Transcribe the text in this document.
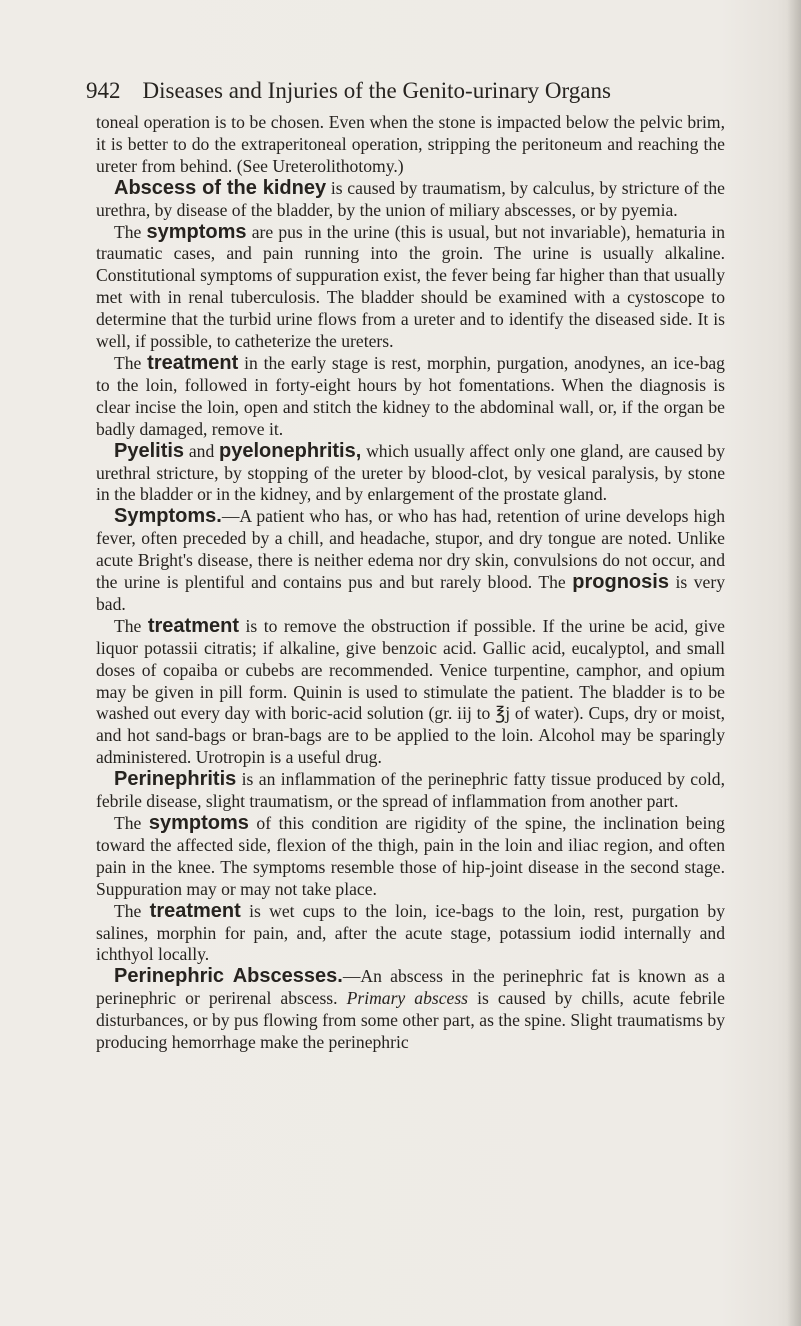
942 Diseases and Injuries of the Genito-urinary Organs

toneal operation is to be chosen. Even when the stone is impacted below the pelvic brim, it is better to do the extraperitoneal operation, stripping the peritoneum and reaching the ureter from behind. (See Ureterolithotomy.)

Abscess of the kidney is caused by traumatism, by calculus, by stricture of the urethra, by disease of the bladder, by the union of miliary abscesses, or by pyemia.

The symptoms are pus in the urine (this is usual, but not invariable), hematuria in traumatic cases, and pain running into the groin. The urine is usually alkaline. Constitutional symptoms of suppuration exist, the fever being far higher than that usually met with in renal tuberculosis. The bladder should be examined with a cystoscope to determine that the turbid urine flows from a ureter and to identify the diseased side. It is well, if possible, to catheterize the ureters.

The treatment in the early stage is rest, morphin, purgation, anodynes, an ice-bag to the loin, followed in forty-eight hours by hot fomentations. When the diagnosis is clear incise the loin, open and stitch the kidney to the abdominal wall, or, if the organ be badly damaged, remove it.

Pyelitis and pyelonephritis, which usually affect only one gland, are caused by urethral stricture, by stopping of the ureter by blood-clot, by vesical paralysis, by stone in the bladder or in the kidney, and by enlargement of the prostate gland.

Symptoms.—A patient who has, or who has had, retention of urine develops high fever, often preceded by a chill, and headache, stupor, and dry tongue are noted. Unlike acute Bright's disease, there is neither edema nor dry skin, convulsions do not occur, and the urine is plentiful and contains pus and but rarely blood. The prognosis is very bad.

The treatment is to remove the obstruction if possible. If the urine be acid, give liquor potassii citratis; if alkaline, give benzoic acid. Gallic acid, eucalyptol, and small doses of copaiba or cubebs are recommended. Venice turpentine, camphor, and opium may be given in pill form. Quinin is used to stimulate the patient. The bladder is to be washed out every day with boric-acid solution (gr. iij to ℥j of water). Cups, dry or moist, and hot sand-bags or bran-bags are to be applied to the loin. Alcohol may be sparingly administered. Urotropin is a useful drug.

Perinephritis is an inflammation of the perinephric fatty tissue produced by cold, febrile disease, slight traumatism, or the spread of inflammation from another part.

The symptoms of this condition are rigidity of the spine, the inclination being toward the affected side, flexion of the thigh, pain in the loin and iliac region, and often pain in the knee. The symptoms resemble those of hip-joint disease in the second stage. Suppuration may or may not take place.

The treatment is wet cups to the loin, ice-bags to the loin, rest, purgation by salines, morphin for pain, and, after the acute stage, potassium iodid internally and ichthyol locally.

Perinephric Abscesses.—An abscess in the perinephric fat is known as a perinephric or perirenal abscess. Primary abscess is caused by chills, acute febrile disturbances, or by pus flowing from some other part, as the spine. Slight traumatisms by producing hemorrhage make the perinephric
